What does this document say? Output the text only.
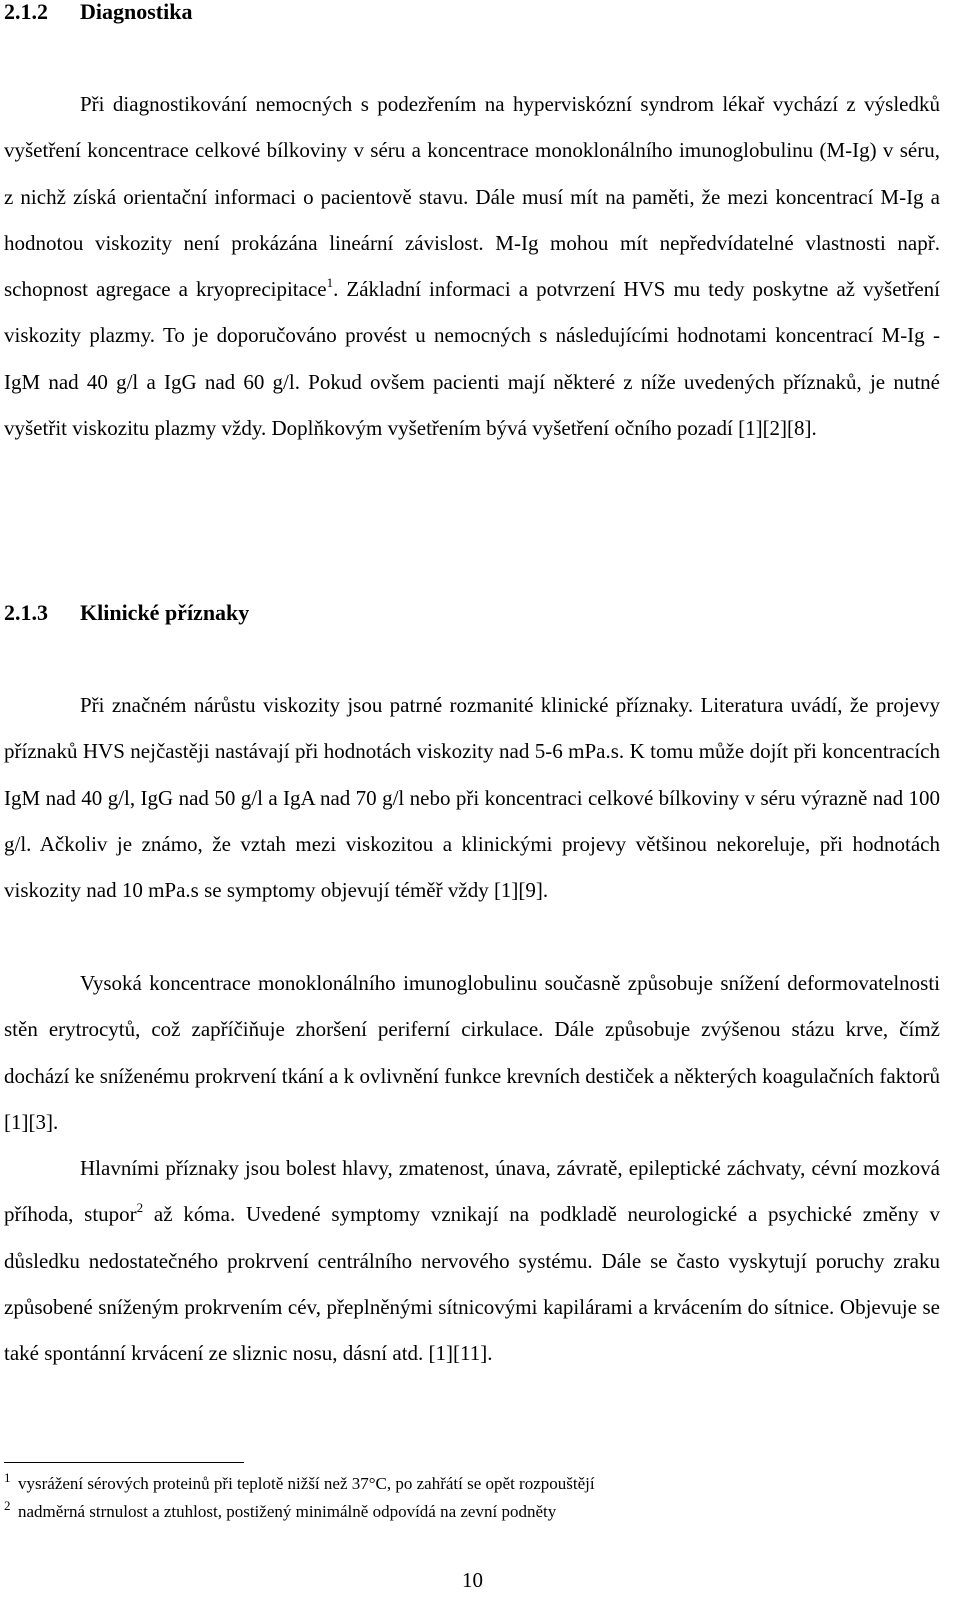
2.1.2 Diagnostika

Při diagnostikování nemocných s podezřením na hyperviskózní syndrom lékař vychází z výsledků vyšetření koncentrace celkové bílkoviny v séru a koncentrace monoklonálního imunoglobulinu (M-Ig) v séru, z nichž získá orientační informaci o pacientově stavu. Dále musí mít na paměti, že mezi koncentrací M-Ig a hodnotou viskozity není prokázána lineární závislost. M-Ig mohou mít nepředvídatelné vlastnosti např. schopnost agregace a kryoprecipitace$^1$. Základní informaci a potvrzení HVS mu tedy poskytne až vyšetření viskozity plazmy. To je doporučováno provést u nemocných s následujícími hodnotami koncentrací M-Ig - IgM nad 40 g/l a IgG nad 60 g/l. Pokud ovšem pacienti mají některé z níže uvedených příznaků, je nutné vyšetřit viskozitu plazmy vždy. Doplňkovým vyšetřením bývá vyšetření očního pozadí [1][2][8].

2.1.3 Klinické příznaky

Při značném nárůstu viskozity jsou patrné rozmanité klinické příznaky. Literatura uvádí, že projevy příznaků HVS nejčastěji nastávají při hodnotách viskozity nad 5-6 mPa.s. K tomu může dojít při koncentracích IgM nad 40 g/l, IgG nad 50 g/l a IgA nad 70 g/l nebo při koncentraci celkové bílkoviny v séru výrazně nad 100 g/l. Ačkoliv je známo, že vztah mezi viskozitou a klinickými projevy většinou nekoreluje, při hodnotách viskozity nad 10 mPa.s se symptomy objevují téměř vždy [1][9].

Vysoká koncentrace monoklonálního imunoglobulinu současně způsobuje snížení deformovatelnosti stěn erytrocytů, což zapříčiňuje zhoršení periferní cirkulace. Dále způsobuje zvýšenou stázu krve, čímž dochází ke sníženému prokrvení tkání a k ovlivnění funkce krevních destiček a některých koagulačních faktorů [1][3].

Hlavními příznaky jsou bolest hlavy, zmatenost, únava, závratě, epileptické záchvaty, cévní mozková příhoda, stupor$^2$ až kóma. Uvedené symptomy vznikají na podkladě neurologické a psychické změny v důsledku nedostatečného prokrvení centrálního nervového systému. Dále se často vyskytují poruchy zraku způsobené sníženým prokrvením cév, přeplněnými sítnicovými kapilárami a krvácením do sítnice. Objevuje se také spontánní krvácení ze sliznic nosu, dásní atd. [1][11].

1 vysrážení sérových proteinů při teplotě nižší než 37°C, po zahřátí se opět rozpouštějí
2 nadměrná strnulost a ztuhlost, postižený minimálně odpovídá na zevní podněty
10
